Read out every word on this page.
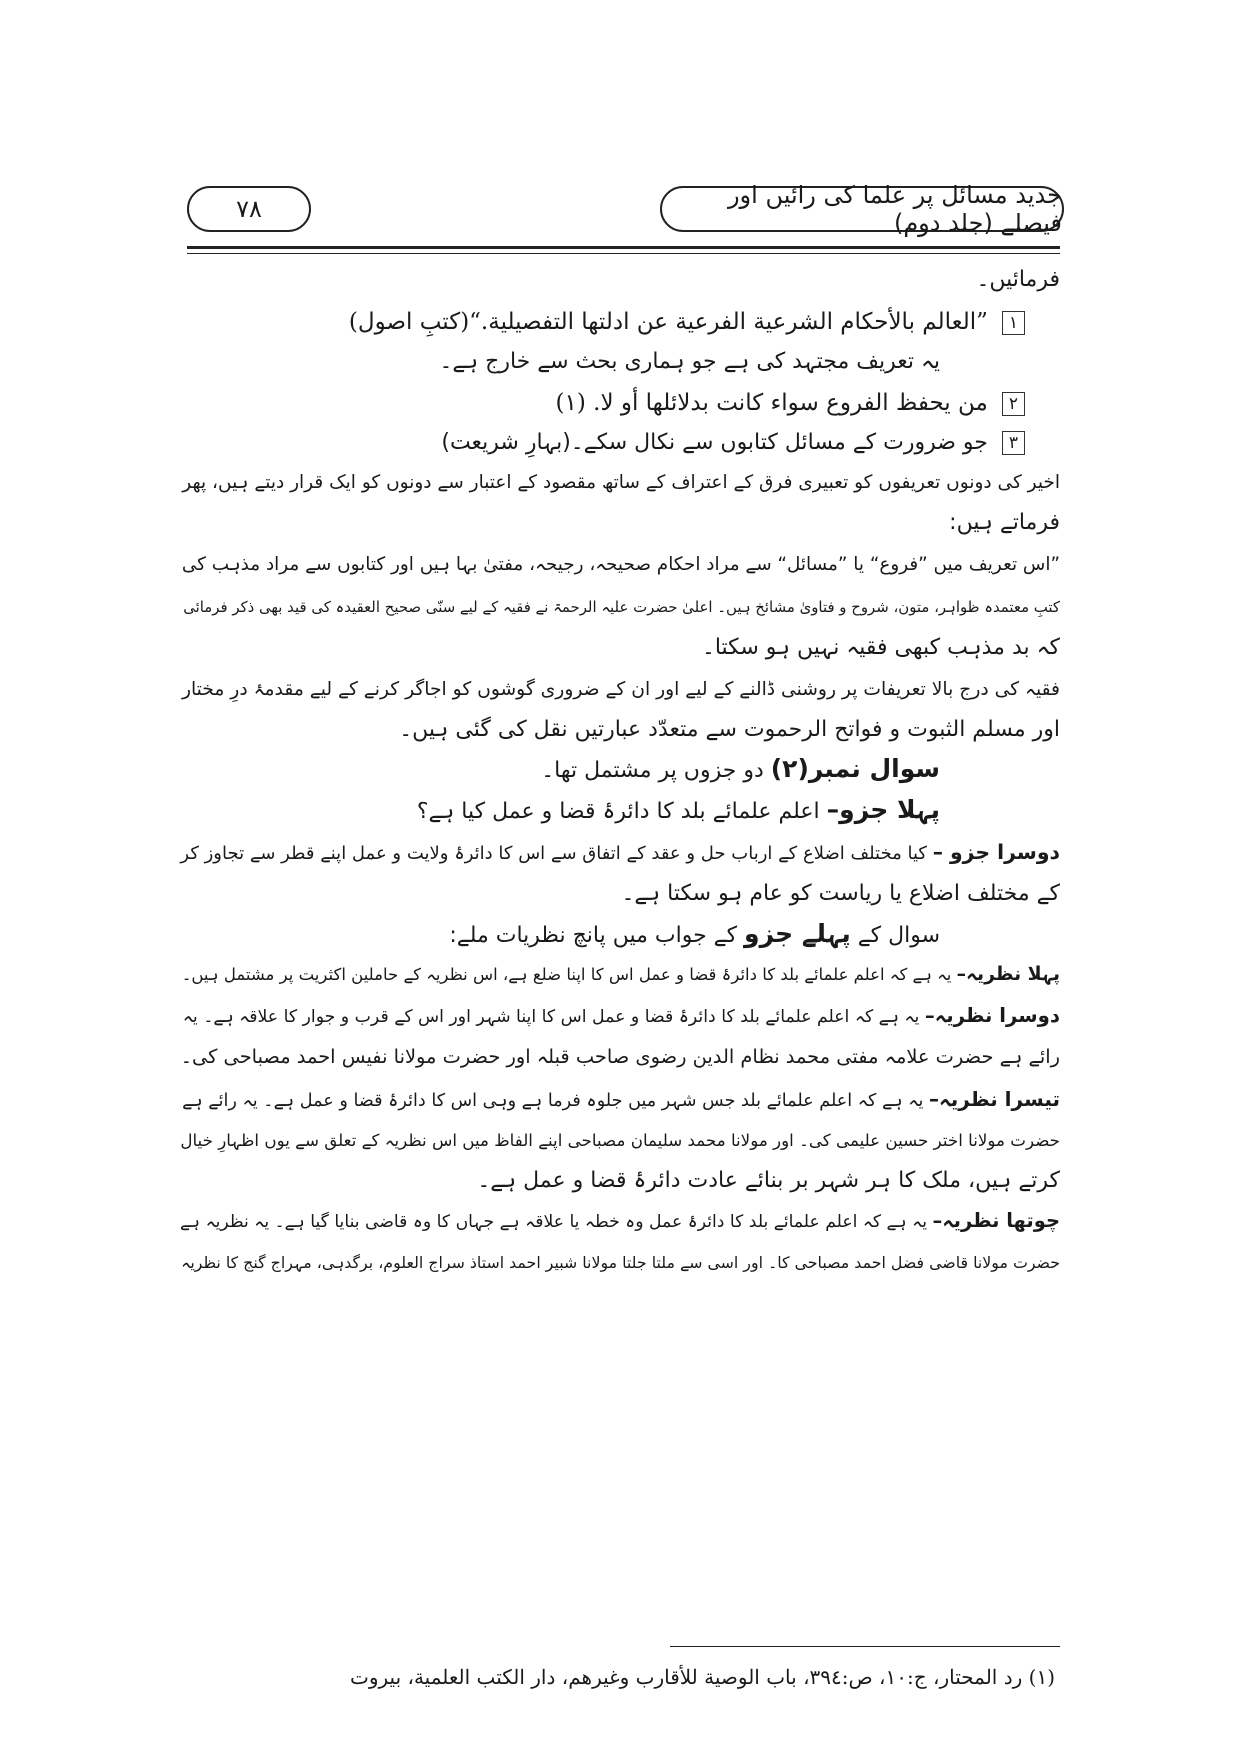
جدید مسائل پر علما کی رائیں اور فیصلے (جلد دوم)
۷۸
فرمائیں۔
۱”العالم بالأحكام الشرعية الفرعية عن ادلتها التفصيلية.“(کتبِ اصول)
یہ تعریف مجتہد کی ہے جو ہماری بحث سے خارج ہے۔
۲من يحفظ الفروع سواء كانت بدلائلها أو لا. (۱)
۳جو ضرورت کے مسائل کتابوں سے نکال سکے۔(بہارِ شریعت)
اخیر کی دونوں تعریفوں کو تعبیری فرق کے اعتراف کے ساتھ مقصود کے اعتبار سے دونوں کو ایک قرار دیتے ہیں، پھر
فرماتے ہیں:
”اس تعریف میں ”فروع“ یا ”مسائل“ سے مراد احکام صحیحہ، رجیحہ، مفتیٰ بہا ہیں اور کتابوں سے مراد مذہب کی
کتبِ معتمدہ ظواہر، متون، شروح و فتاویٰ مشائخ ہیں۔ اعلیٰ حضرت علیہ الرحمۃ نے فقیہ کے لیے سنّی صحیح العقیدہ کی قید بھی ذکر فرمائی
کہ بد مذہب کبھی فقیہ نہیں ہو سکتا۔
فقیہ کی درج بالا تعریفات پر روشنی ڈالنے کے لیے اور ان کے ضروری گوشوں کو اجاگر کرنے کے لیے مقدمۂ درِ مختار
اور مسلم الثبوت و فواتح الرحموت سے متعدّد عبارتیں نقل کی گئی ہیں۔
سوال نمبر(۲) دو جزوں پر مشتمل تھا۔
پہلا جزو– اعلم علمائے بلد کا دائرۂ قضا و عمل کیا ہے؟
دوسرا جزو – کیا مختلف اضلاع کے ارباب حل و عقد کے اتفاق سے اس کا دائرۂ ولایت و عمل اپنے قطر سے تجاوز کر
کے مختلف اضلاع یا ریاست کو عام ہو سکتا ہے۔
سوال کے پہلے جزو کے جواب میں پانچ نظریات ملے:
پہلا نظریہ– یہ ہے کہ اعلم علمائے بلد کا دائرۂ قضا و عمل اس کا اپنا ضلع ہے، اس نظریہ کے حاملین اکثریت پر مشتمل ہیں۔
دوسرا نظریہ– یہ ہے کہ اعلم علمائے بلد کا دائرۂ قضا و عمل اس کا اپنا شہر اور اس کے قرب و جوار کا علاقہ ہے۔ یہ
رائے ہے حضرت علامہ مفتی محمد نظام الدین رضوی صاحب قبلہ اور حضرت مولانا نفیس احمد مصباحی کی۔
تیسرا نظریہ– یہ ہے کہ اعلم علمائے بلد جس شہر میں جلوہ فرما ہے وہی اس کا دائرۂ قضا و عمل ہے۔ یہ رائے ہے
حضرت مولانا اختر حسین علیمی کی۔ اور مولانا محمد سلیمان مصباحی اپنے الفاظ میں اس نظریہ کے تعلق سے یوں اظہارِ خیال
کرتے ہیں، ملک کا ہر شہر بر بنائے عادت دائرۂ قضا و عمل ہے۔
چوتھا نظریہ– یہ ہے کہ اعلم علمائے بلد کا دائرۂ عمل وہ خطہ یا علاقہ ہے جہاں کا وہ قاضی بنایا گیا ہے۔ یہ نظریہ ہے
حضرت مولانا قاضی فضل احمد مصباحی کا۔ اور اسی سے ملتا جلتا مولانا شبیر احمد استاذ سراج العلوم، برگدہی، مہراج گنج کا نظریہ
(۱) رد المحتار، ج:۱۰، ص:۳۹٤، باب الوصية للأقارب وغيرهم، دار الكتب العلمية، بيروت
